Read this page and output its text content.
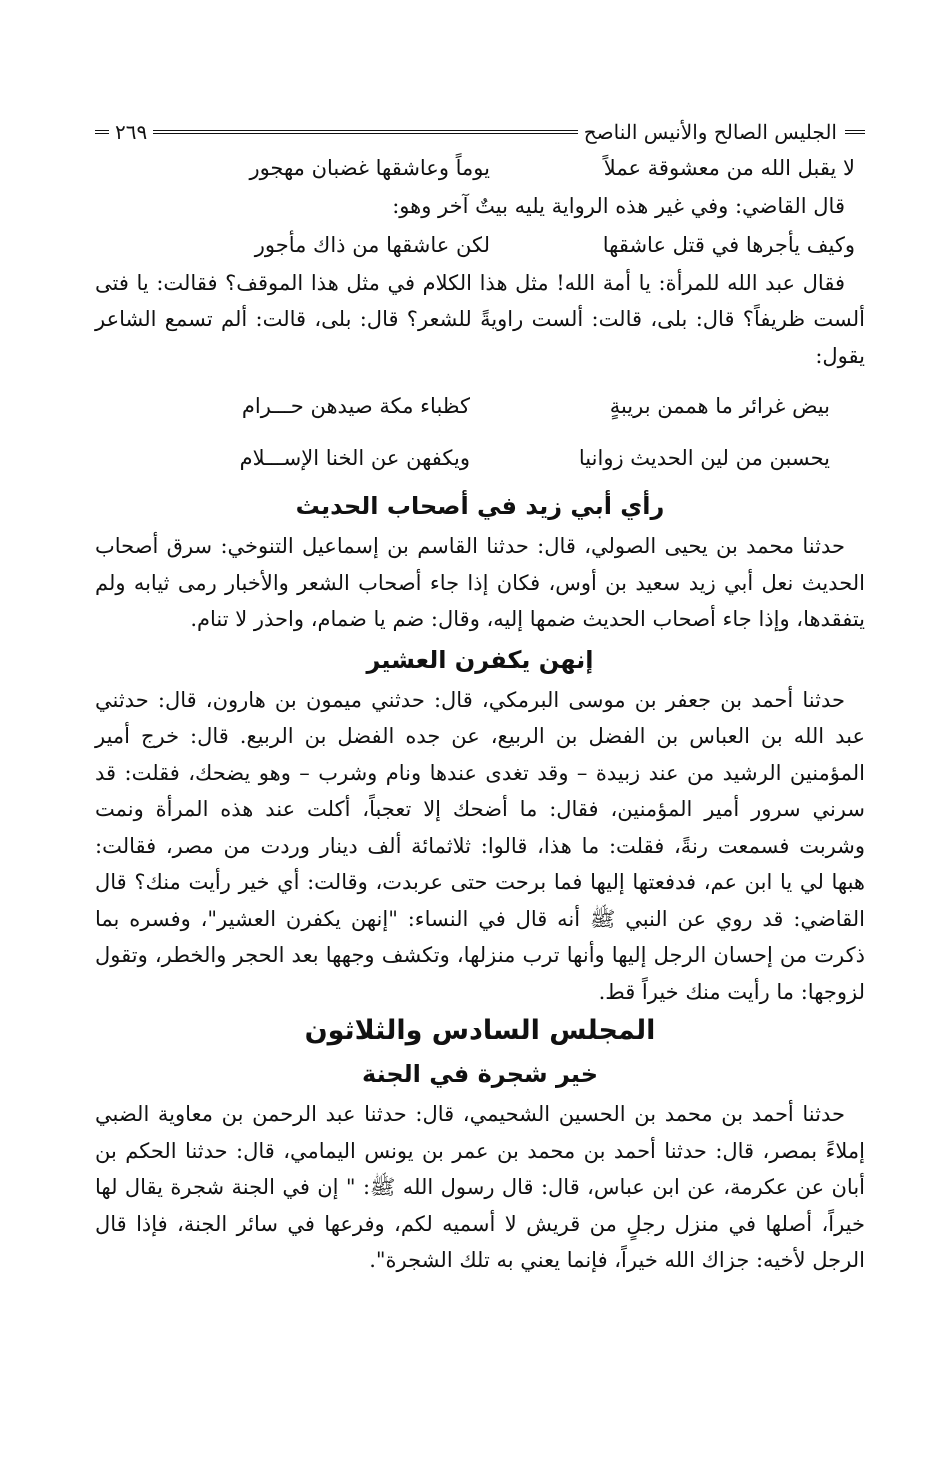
الجليس الصالح والأنيس الناصح
٢٦٩
لا يقبل الله من معشوقة عملاً
يوماً وعاشقها غضبان مهجور

قال القاضي: وفي غير هذه الرواية يليه بيتٌ آخر وهو:

وكيف يأجرها في قتل عاشقها
لكن عاشقها من ذاك مأجور

فقال عبد الله للمرأة: يا أمة الله! مثل هذا الكلام في مثل هذا الموقف؟ فقالت: يا فتى ألست ظريفاً؟ قال: بلى، قالت: ألست راويةً للشعر؟ قال: بلى، قالت: ألم تسمع الشاعر يقول:

بيض غرائر ما هممن بريبةٍ
كظباء مكة صيدهن حـــرام
يحسبن من لين الحديث زوانيا
ويكفهن عن الخنا الإســـلام
رأي أبي زيد في أصحاب الحديث

حدثنا محمد بن يحيى الصولي، قال: حدثنا القاسم بن إسماعيل التنوخي: سرق أصحاب الحديث نعل أبي زيد سعيد بن أوس، فكان إذا جاء أصحاب الشعر والأخبار رمى ثيابه ولم يتفقدها، وإذا جاء أصحاب الحديث ضمها إليه، وقال: ضم يا ضمام، واحذر لا تنام.

إنهن يكفرن العشير

حدثنا أحمد بن جعفر بن موسى البرمكي، قال: حدثني ميمون بن هارون، قال: حدثني عبد الله بن العباس بن الفضل بن الربيع، عن جده الفضل بن الربيع. قال: خرج أمير المؤمنين الرشيد من عند زبيدة – وقد تغدى عندها ونام وشرب – وهو يضحك، فقلت: قد سرني سرور أمير المؤمنين، فقال: ما أضحك إلا تعجباً، أكلت عند هذه المرأة ونمت وشربت فسمعت رنةً، فقلت: ما هذا، قالوا: ثلاثمائة ألف دينار وردت من مصر، فقالت: هبها لي يا ابن عم، فدفعتها إليها فما برحت حتى عربدت، وقالت: أي خير رأيت منك؟ قال القاضي: قد روي عن النبي ﷺ أنه قال في النساء: "إنهن يكفرن العشير"، وفسره بما ذكرت من إحسان الرجل إليها وأنها ترب منزلها، وتكشف وجهها بعد الحجر والخطر، وتقول لزوجها: ما رأيت منك خيراً قط.

المجلس السادس والثلاثون
خير شجرة في الجنة

حدثنا أحمد بن محمد بن الحسين الشحيمي، قال: حدثنا عبد الرحمن بن معاوية الضبي إملاءً بمصر، قال: حدثنا أحمد بن محمد بن عمر بن يونس اليمامي، قال: حدثنا الحكم بن أبان عن عكرمة، عن ابن عباس، قال: قال رسول الله ﷺ: " إن في الجنة شجرة يقال لها خيراً، أصلها في منزل رجلٍ من قريش لا أسميه لكم، وفرعها في سائر الجنة، فإذا قال الرجل لأخيه: جزاك الله خيراً، فإنما يعني به تلك الشجرة".
